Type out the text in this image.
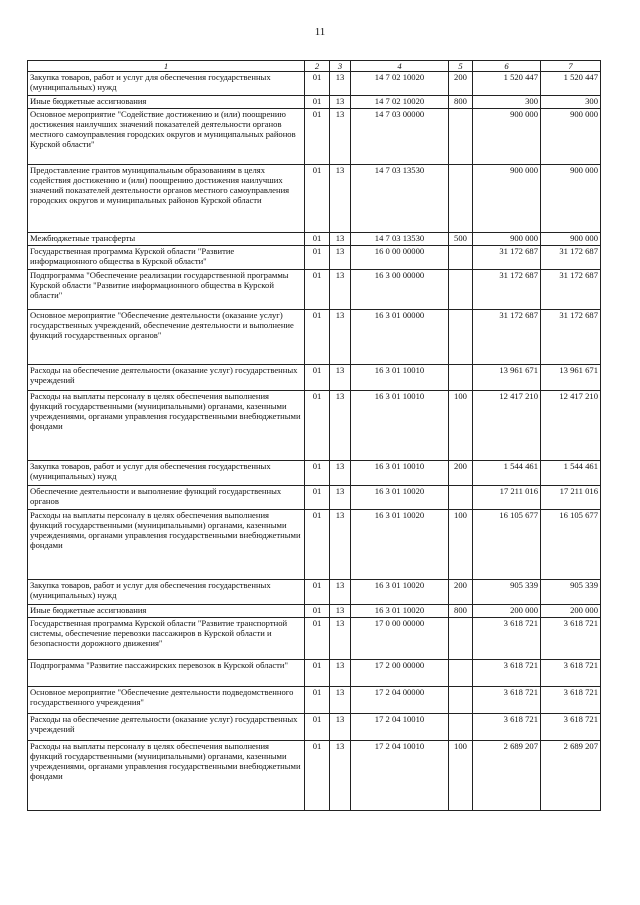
11
1	2	3	4	5	6	7
Закупка товаров, работ и услуг для обеспечения государственных (муниципальных) нужд	01	13	14 7 02 10020	200	1 520 447	1 520 447
Иные бюджетные ассигнования	01	13	14 7 02 10020	800	300	300
Основное мероприятие "Содействие достижению и (или) поощрению достижения наилучших значений показателей деятельности органов местного самоуправления городских округов и муниципальных районов Курской области"	01	13	14 7 03 00000		900 000	900 000
Предоставление грантов муниципальным образованиям в целях содействия достижению и (или) поощрению достижения наилучших значений показателей деятельности органов местного самоуправления городских округов и муниципальных районов Курской области	01	13	14 7 03 13530		900 000	900 000
Межбюджетные трансферты	01	13	14 7 03 13530	500	900 000	900 000
Государственная программа Курской области "Развитие информационного общества в Курской области"	01	13	16 0 00 00000		31 172 687	31 172 687
Подпрограмма "Обеспечение реализации государственной программы Курской области "Развитие информационного общества в Курской области"	01	13	16 3 00 00000		31 172 687	31 172 687
Основное мероприятие "Обеспечение деятельности (оказание услуг) государственных учреждений, обеспечение деятельности и выполнение функций государственных органов"	01	13	16 3 01 00000		31 172 687	31 172 687
Расходы на обеспечение деятельности (оказание услуг) государственных учреждений	01	13	16 3 01 10010		13 961 671	13 961 671
Расходы на выплаты персоналу в целях обеспечения выполнения функций государственными (муниципальными) органами, казенными учреждениями, органами управления государственными внебюджетными фондами	01	13	16 3 01 10010	100	12 417 210	12 417 210
Закупка товаров, работ и услуг для обеспечения государственных (муниципальных) нужд	01	13	16 3 01 10010	200	1 544 461	1 544 461
Обеспечение деятельности и выполнение функций государственных органов	01	13	16 3 01 10020		17 211 016	17 211 016
Расходы на выплаты персоналу в целях обеспечения выполнения функций государственными (муниципальными) органами, казенными учреждениями, органами управления государственными внебюджетными фондами	01	13	16 3 01 10020	100	16 105 677	16 105 677
Закупка товаров, работ и услуг для обеспечения государственных (муниципальных) нужд	01	13	16 3 01 10020	200	905 339	905 339
Иные бюджетные ассигнования	01	13	16 3 01 10020	800	200 000	200 000
Государственная программа Курской области "Развитие транспортной системы, обеспечение перевозки пассажиров в Курской области и безопасности дорожного движения"	01	13	17 0 00 00000		3 618 721	3 618 721
Подпрограмма "Развитие пассажирских перевозок в Курской области"	01	13	17 2 00 00000		3 618 721	3 618 721
Основное мероприятие "Обеспечение деятельности подведомственного государственного учреждения"	01	13	17 2 04 00000		3 618 721	3 618 721
Расходы на обеспечение деятельности (оказание услуг) государственных учреждений	01	13	17 2 04 10010		3 618 721	3 618 721
Расходы на выплаты персоналу в целях обеспечения выполнения функций государственными (муниципальными) органами, казенными учреждениями, органами управления государственными внебюджетными фондами	01	13	17 2 04 10010	100	2 689 207	2 689 207
